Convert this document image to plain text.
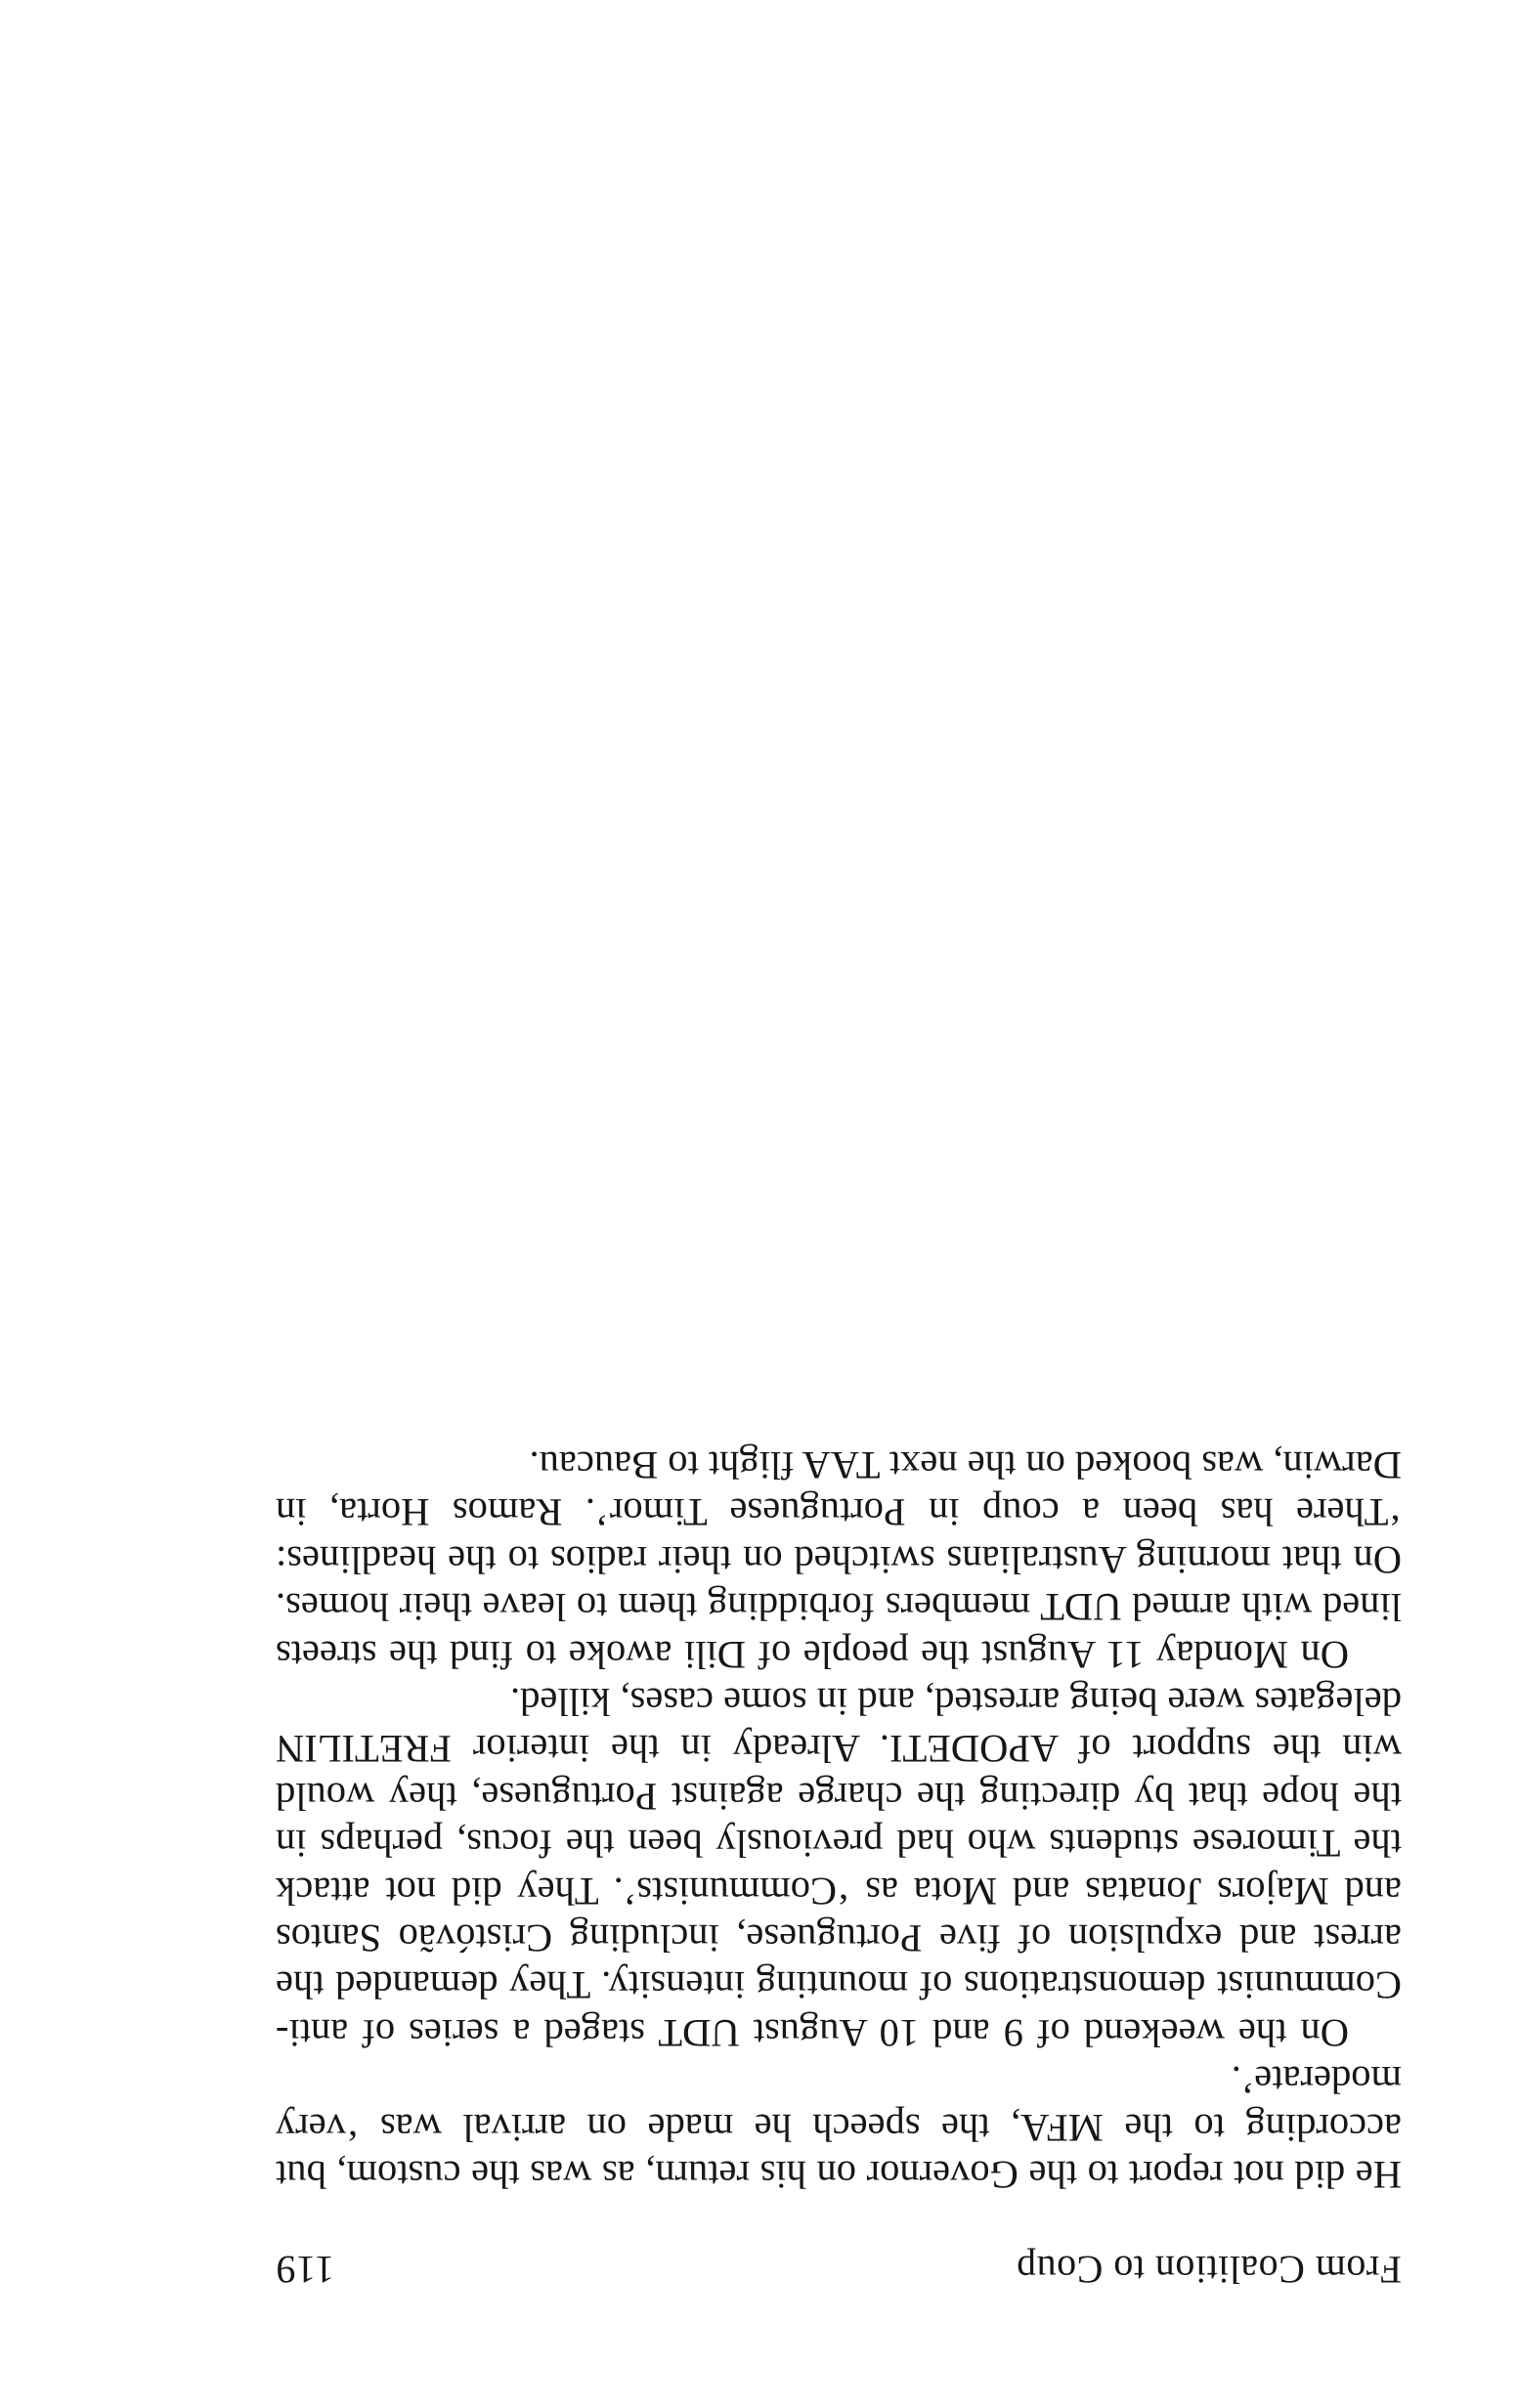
From Coalition to Coup
119

He did not report to the Governor on his return, as was the custom, but according to the MFA, the speech he made on arrival was ‘very moderate’.

On the weekend of 9 and 10 August UDT staged a series of anti-Communist demonstrations of mounting intensity. They demanded the arrest and expulsion of five Portuguese, including Cristóvão Santos and Majors Jonatas and Mota as ‘Communists’. They did not attack the Timorese students who had previously been the focus, perhaps in the hope that by directing the charge against Portuguese, they would win the support of APODETI. Already in the interior FRETILIN delegates were being arrested, and in some cases, killed.

On Monday 11 August the people of Dili awoke to find the streets lined with armed UDT members forbidding them to leave their homes. On that morning Australians switched on their radios to the headlines: ‘There has been a coup in Portuguese Timor’. Ramos Horta, in Darwin, was booked on the next TAA flight to Baucau.
